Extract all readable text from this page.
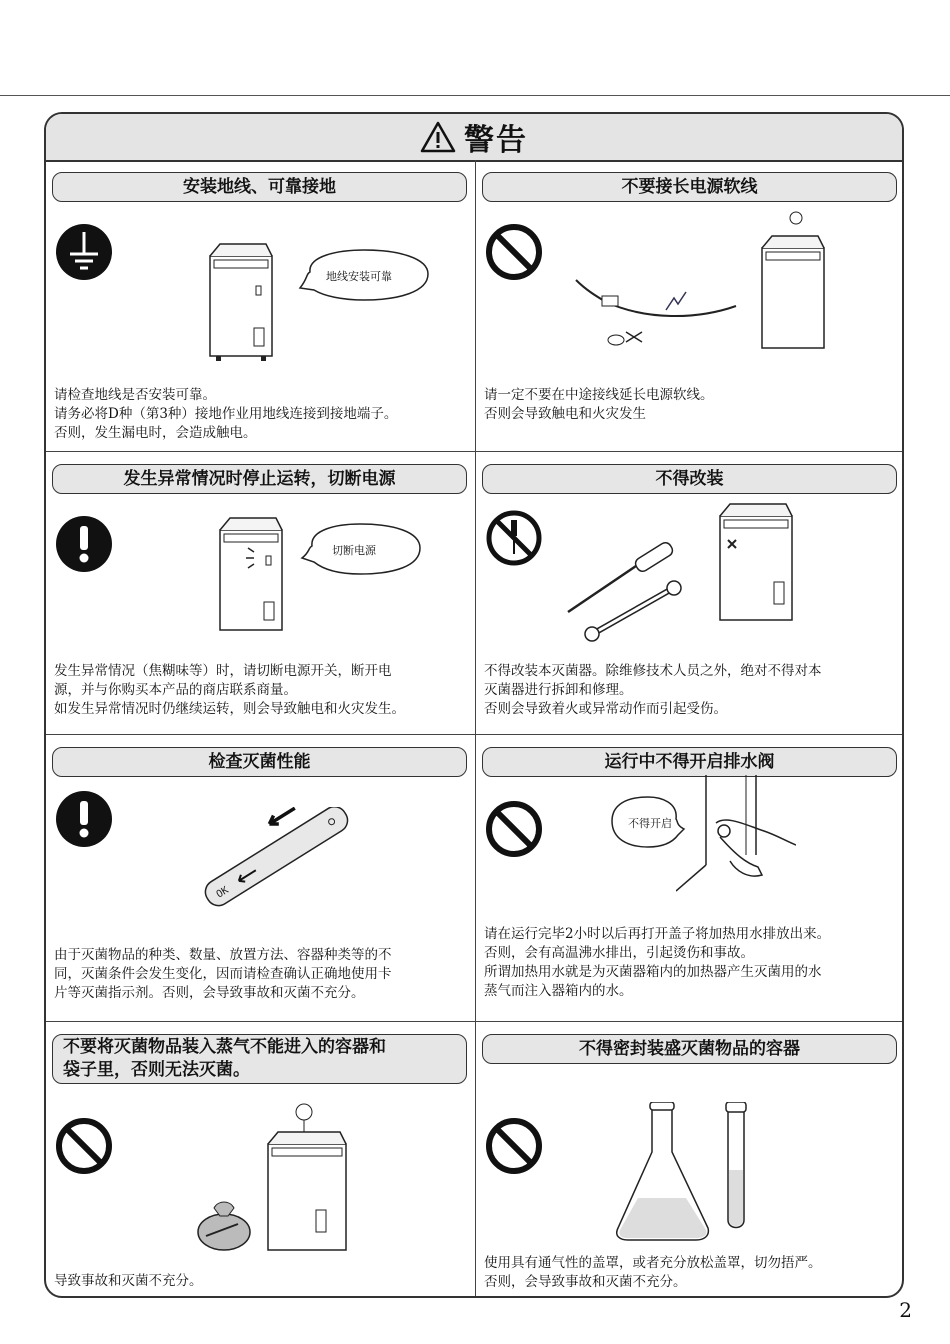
警告
安装地线、可靠接地
地线安装可靠
请检查地线是否安装可靠。
请务必将D种（第3种）接地作业用地线连接到接地端子。
否则，发生漏电时，会造成触电。
不要接长电源软线
请一定不要在中途接线延长电源软线。
否则会导致触电和火灾发生
发生异常情况时停止运转，切断电源
切断电源
发生异常情况（焦糊味等）时，请切断电源开关，断开电
源，并与你购买本产品的商店联系商量。
如发生异常情况时仍继续运转，则会导致触电和火灾发生。
不得改装
不得改装本灭菌器。除维修技术人员之外，绝对不得对本
灭菌器进行拆卸和修理。
否则会导致着火或异常动作而引起受伤。
检查灭菌性能
OK
由于灭菌物品的种类、数量、放置方法、容器种类等的不
同，灭菌条件会发生变化，因而请检查确认正确地使用卡
片等灭菌指示剂。否则，会导致事故和灭菌不充分。
运行中不得开启排水阀
不得开启
请在运行完毕2小时以后再打开盖子将加热用水排放出来。
否则，会有高温沸水排出，引起烫伤和事故。
所谓加热用水就是为灭菌器箱内的加热器产生灭菌用的水
蒸气而注入器箱内的水。
不要将灭菌物品装入蒸气不能进入的容器和
袋子里，否则无法灭菌。
导致事故和灭菌不充分。
不得密封装盛灭菌物品的容器
使用具有通气性的盖罩，或者充分放松盖罩，切勿捂严。
否则，会导致事故和灭菌不充分。
2
